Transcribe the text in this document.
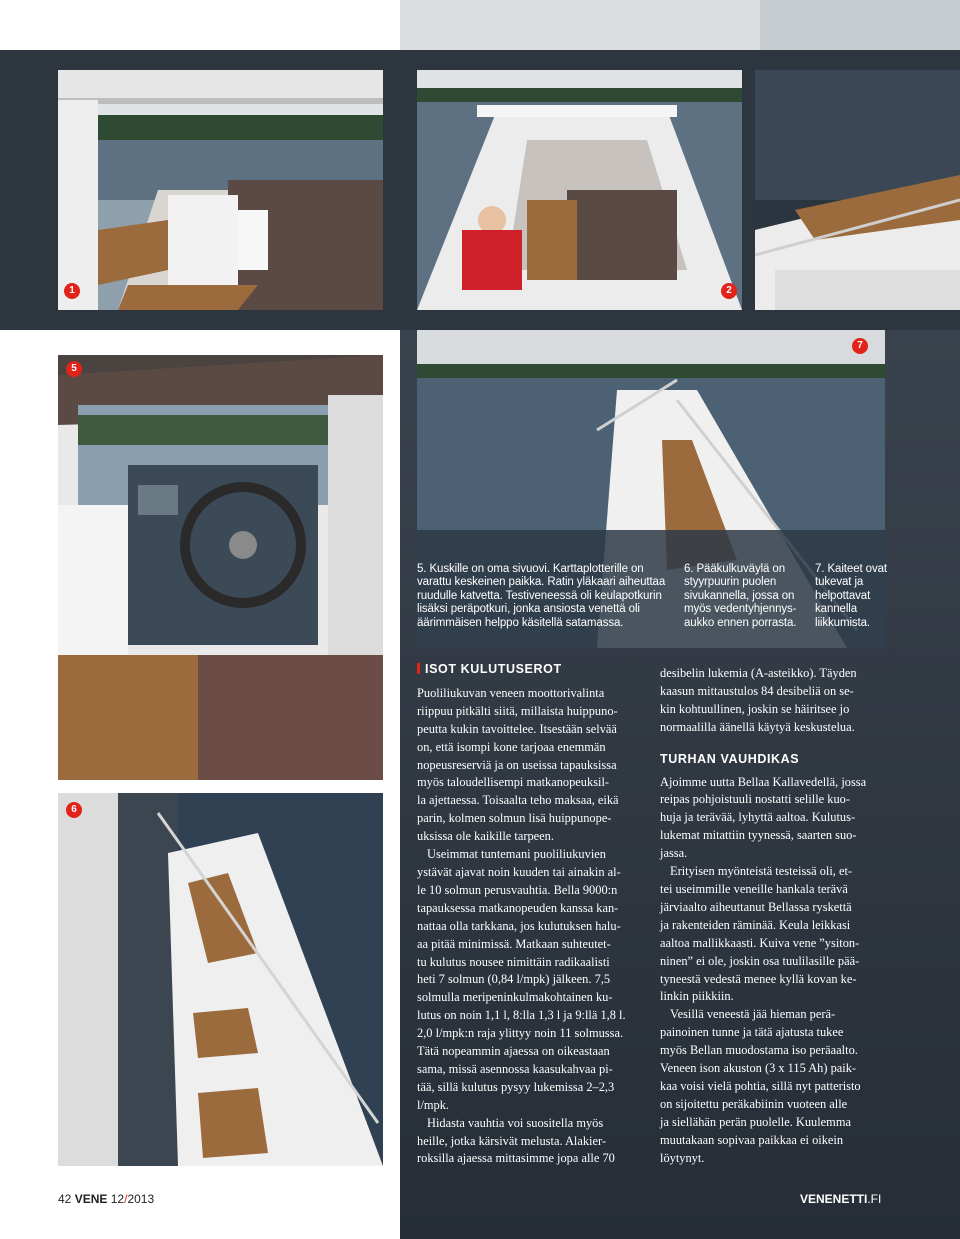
1	2
5
6
7

5. Kuskille on oma sivuovi. Karttaplotterille on

varattu keskeinen paikka. Ratin yläkaari aiheuttaa

ruudulle katvetta. Testiveneessä oli keulapotkurin

lisäksi peräpotkuri, jonka ansiosta venettä oli

äärimmäisen helppo käsitellä satamassa.

6. Pääkulkuväylä on

styyrpuurin puolen

sivukannella, jossa on

myös vedentyhjennys-

aukko ennen porrasta.

7. Kaiteet ovat

tukevat ja

helpottavat

kannella

liikkumista.

ISOT KULUTUSEROT

Puoliliukuvan veneen moottorivalinta

riippuu pitkälti siitä, millaista huippuno-

peutta kukin tavoittelee. Itsestään selvää

on, että isompi kone tarjoaa enemmän

nopeusreserviä ja on useissa tapauksissa

myös taloudellisempi matkanopeuksil-

la ajettaessa. Toisaalta teho maksaa, eikä

parin, kolmen solmun lisä huippunope-

uksissa ole kaikille tarpeen.

Useimmat tuntemani puoliliukuvien

ystävät ajavat noin kuuden tai ainakin al-

le 10 solmun perusvauhtia. Bella 9000:n

tapauksessa matkanopeuden kanssa kan-

nattaa olla tarkkana, jos kulutuksen halu-

aa pitää minimissä. Matkaan suhteutet-

tu kulutus nousee nimittäin radikaalisti

heti 7 solmun (0,84 l/mpk) jälkeen. 7,5

solmulla meripeninkulmakohtainen ku-

lutus on noin 1,1 l, 8:lla 1,3 l ja 9:llä 1,8 l.

2,0 l/mpk:n raja ylittyy noin 11 solmussa.

Tätä nopeammin ajaessa on oikeastaan

sama, missä asennossa kaasukahvaa pi-

tää, sillä kulutus pysyy lukemissa 2–2,3

l/mpk.

Hidasta vauhtia voi suositella myös

heille, jotka kärsivät melusta. Alakier-

roksilla ajaessa mittasimme jopa alle 70

desibelin lukemia (A-asteikko). Täyden

kaasun mittaustulos 84 desibeliä on se-

kin kohtuullinen, joskin se häiritsee jo

normaalilla äänellä käytyä keskustelua.

TURHAN VAUHDIKAS

Ajoimme uutta Bellaa Kallavedellä, jossa

reipas pohjoistuuli nostatti selille kuo-

huja ja terävää, lyhyttä aaltoa. Kulutus-

lukemat mitattiin tyynessä, saarten suo-

jassa.

Erityisen myönteistä testeissä oli, et-

tei useimmille veneille hankala terävä

järviaalto aiheuttanut Bellassa ryskettä

ja rakenteiden räminää. Keula leikkasi

aaltoa mallikkaasti. Kuiva vene ”ysiton-

ninen” ei ole, joskin osa tuulilasille pää-

tyneestä vedestä menee kyllä kovan ke-

linkin piikkiin.

Vesillä veneestä jää hieman perä-

painoinen tunne ja tätä ajatusta tukee

myös Bellan muodostama iso peräaalto.

Veneen ison akuston (3 x 115 Ah) paik-

kaa voisi vielä pohtia, sillä nyt patteristo

on sijoitettu peräkabiinin vuoteen alle

ja siellähän perän puolelle. Kuulemma

muutakaan sopivaa paikkaa ei oikein

löytynyt.

42 VENE 12/2013	VENENETTI.FI
